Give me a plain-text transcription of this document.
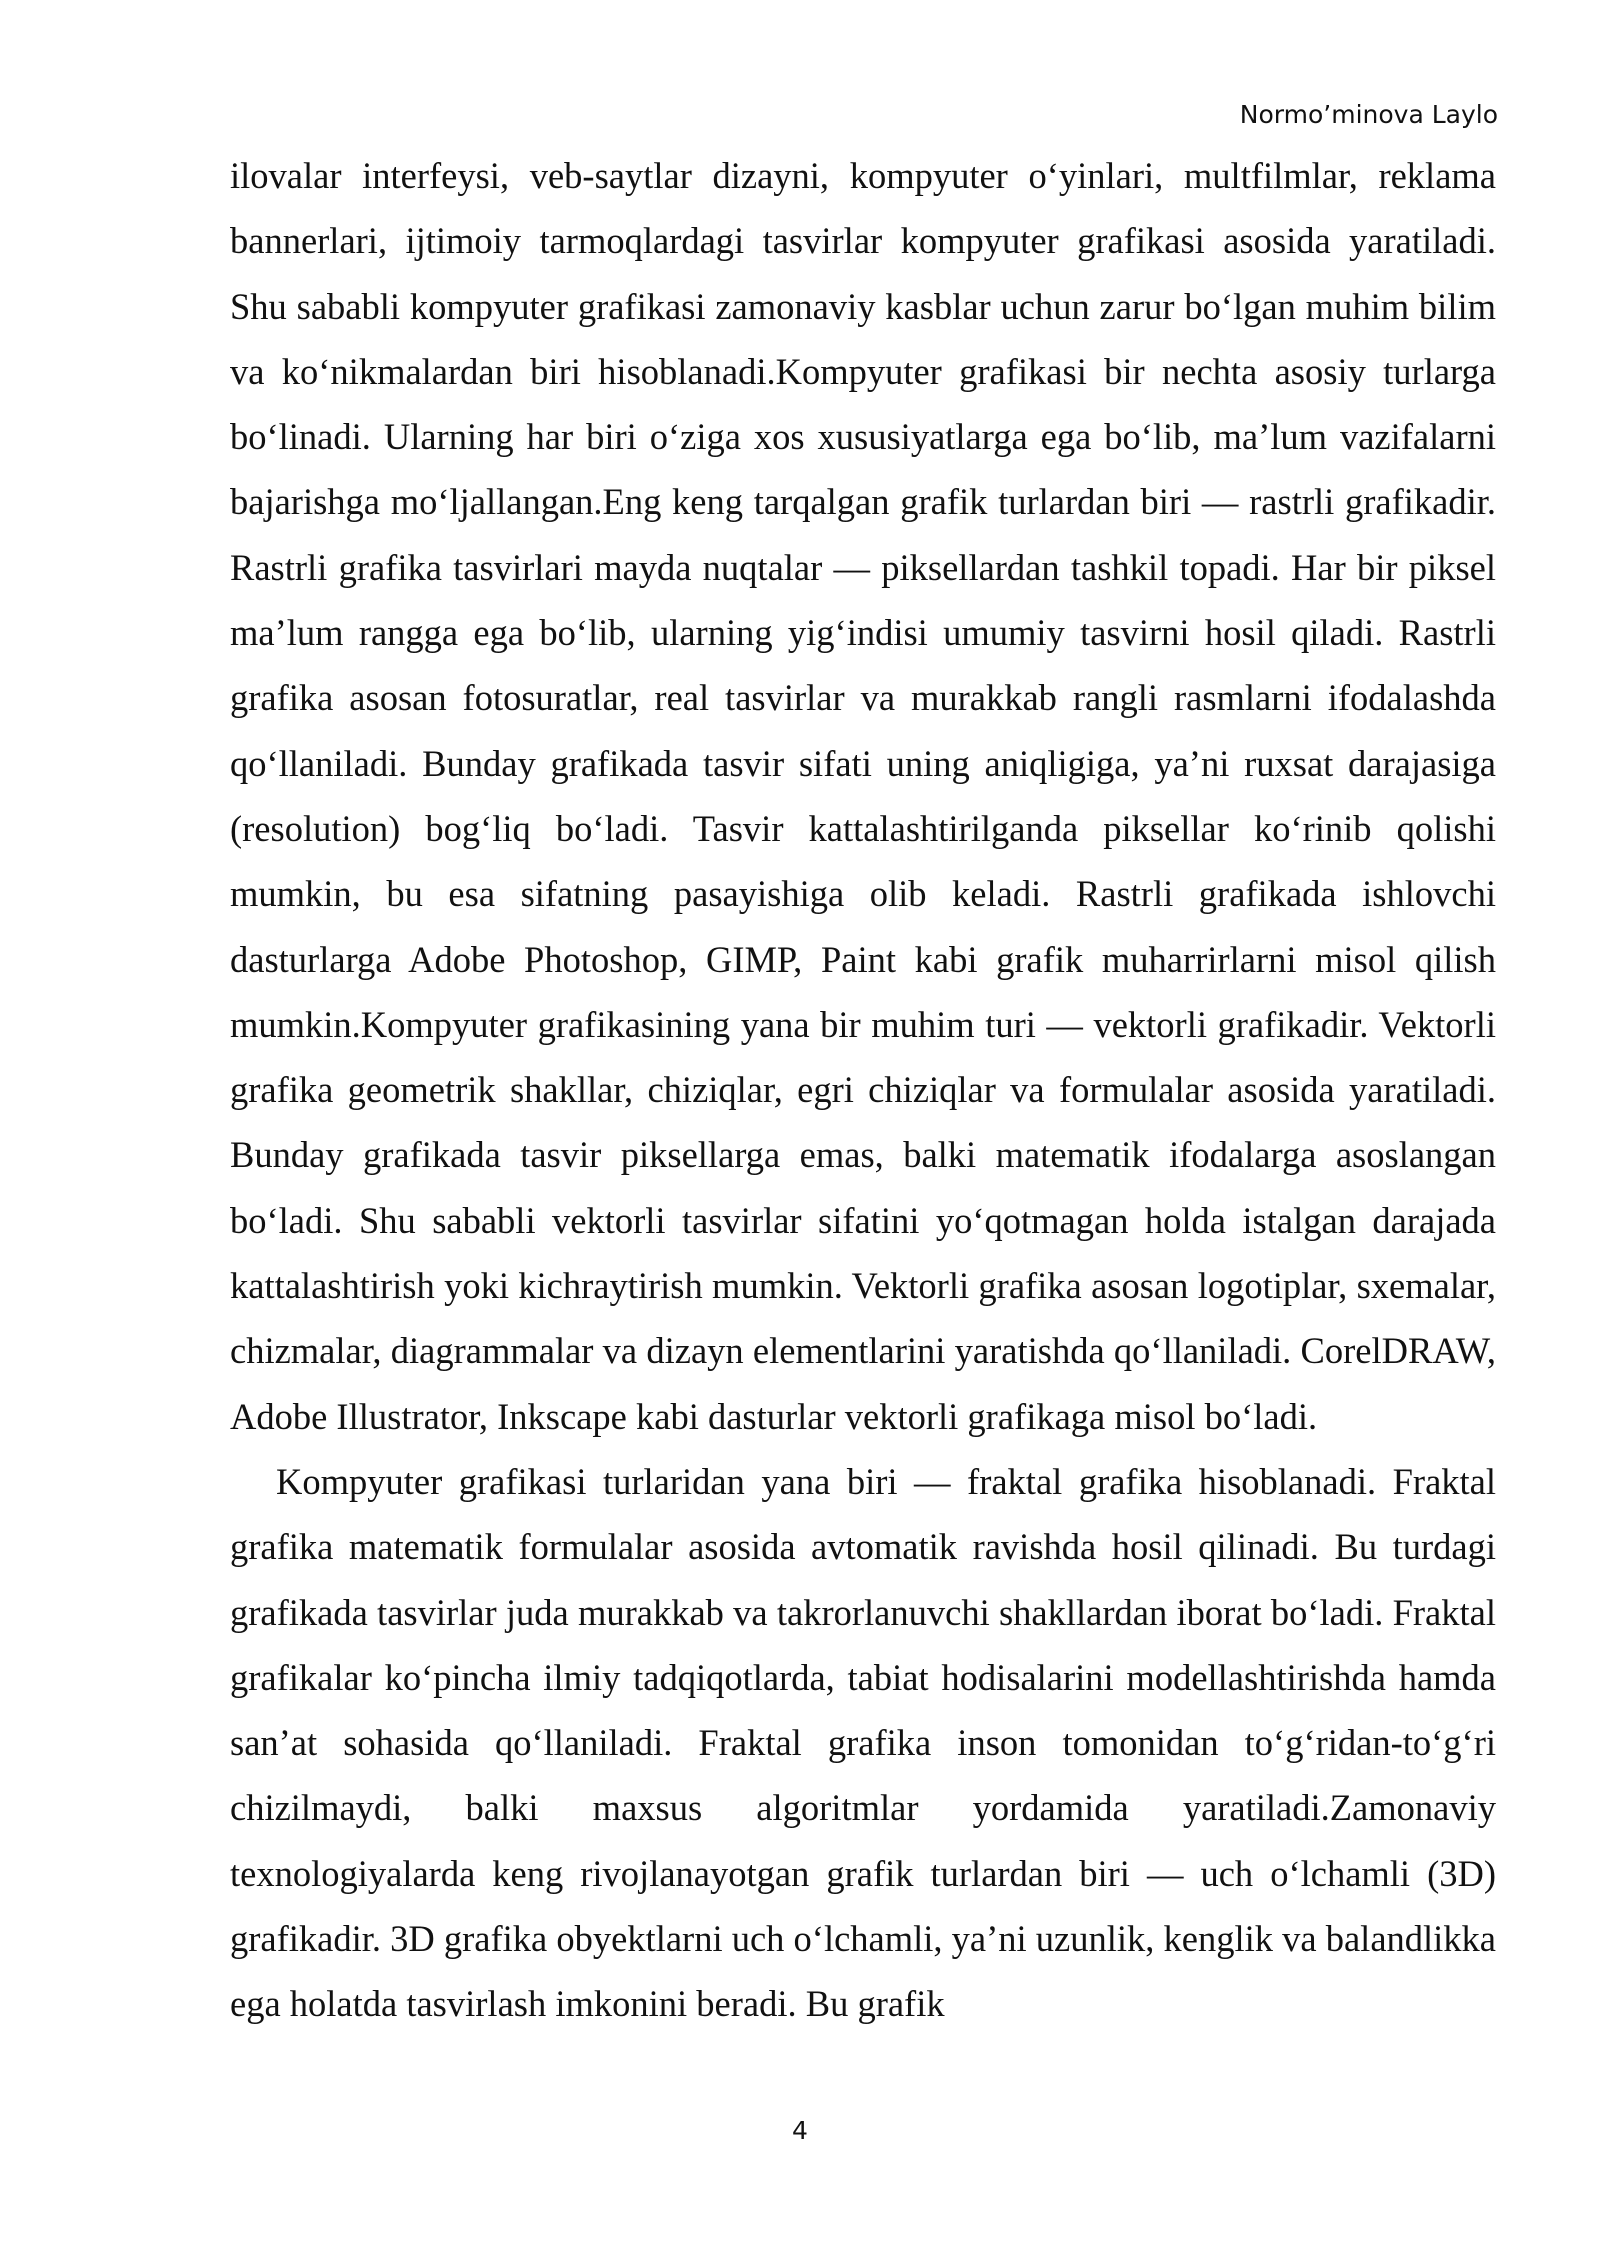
Normo’minova Laylo

ilovalar interfeysi, veb-saytlar dizayni, kompyuter o‘yinlari, multfilmlar, reklama bannerlari, ijtimoiy tarmoqlardagi tasvirlar kompyuter grafikasi asosida yaratiladi. Shu sababli kompyuter grafikasi zamonaviy kasblar uchun zarur bo‘lgan muhim bilim va ko‘nikmalardan biri hisoblanadi.Kompyuter grafikasi bir nechta asosiy turlarga bo‘linadi. Ularning har biri o‘ziga xos xususiyatlarga ega bo‘lib, ma’lum vazifalarni bajarishga mo‘ljallangan.Eng keng tarqalgan grafik turlardan biri — rastrli grafikadir. Rastrli grafika tasvirlari mayda nuqtalar — piksellardan tashkil topadi. Har bir piksel ma’lum rangga ega bo‘lib, ularning yig‘indisi umumiy tasvirni hosil qiladi. Rastrli grafika asosan fotosuratlar, real tasvirlar va murakkab rangli rasmlarni ifodalashda qo‘llaniladi. Bunday grafikada tasvir sifati uning aniqligiga, ya’ni ruxsat darajasiga (resolution) bog‘liq bo‘ladi. Tasvir kattalashtirilganda piksellar ko‘rinib qolishi mumkin, bu esa sifatning pasayishiga olib keladi. Rastrli grafikada ishlovchi dasturlarga Adobe Photoshop, GIMP, Paint kabi grafik muharrirlarni misol qilish mumkin.Kompyuter grafikasining yana bir muhim turi — vektorli grafikadir. Vektorli grafika geometrik shakllar, chiziqlar, egri chiziqlar va formulalar asosida yaratiladi. Bunday grafikada tasvir piksellarga emas, balki matematik ifodalarga asoslangan bo‘ladi. Shu sababli vektorli tasvirlar sifatini yo‘qotmagan holda istalgan darajada kattalashtirish yoki kichraytirish mumkin. Vektorli grafika asosan logotiplar, sxemalar, chizmalar, diagrammalar va dizayn elementlarini yaratishda qo‘llaniladi. CorelDRAW, Adobe Illustrator, Inkscape kabi dasturlar vektorli grafikaga misol bo‘ladi.

Kompyuter grafikasi turlaridan yana biri — fraktal grafika hisoblanadi. Fraktal grafika matematik formulalar asosida avtomatik ravishda hosil qilinadi. Bu turdagi grafikada tasvirlar juda murakkab va takrorlanuvchi shakllardan iborat bo‘ladi. Fraktal grafikalar ko‘pincha ilmiy tadqiqotlarda, tabiat hodisalarini modellashtirishda hamda san’at sohasida qo‘llaniladi. Fraktal grafika inson tomonidan to‘g‘ridan-to‘g‘ri chizilmaydi, balki maxsus algoritmlar yordamida yaratiladi.Zamonaviy texnologiyalarda keng rivojlanayotgan grafik turlardan biri — uch o‘lchamli (3D) grafikadir. 3D grafika obyektlarni uch o‘lchamli, ya’ni uzunlik, kenglik va balandlikka ega holatda tasvirlash imkonini beradi. Bu grafik

4
